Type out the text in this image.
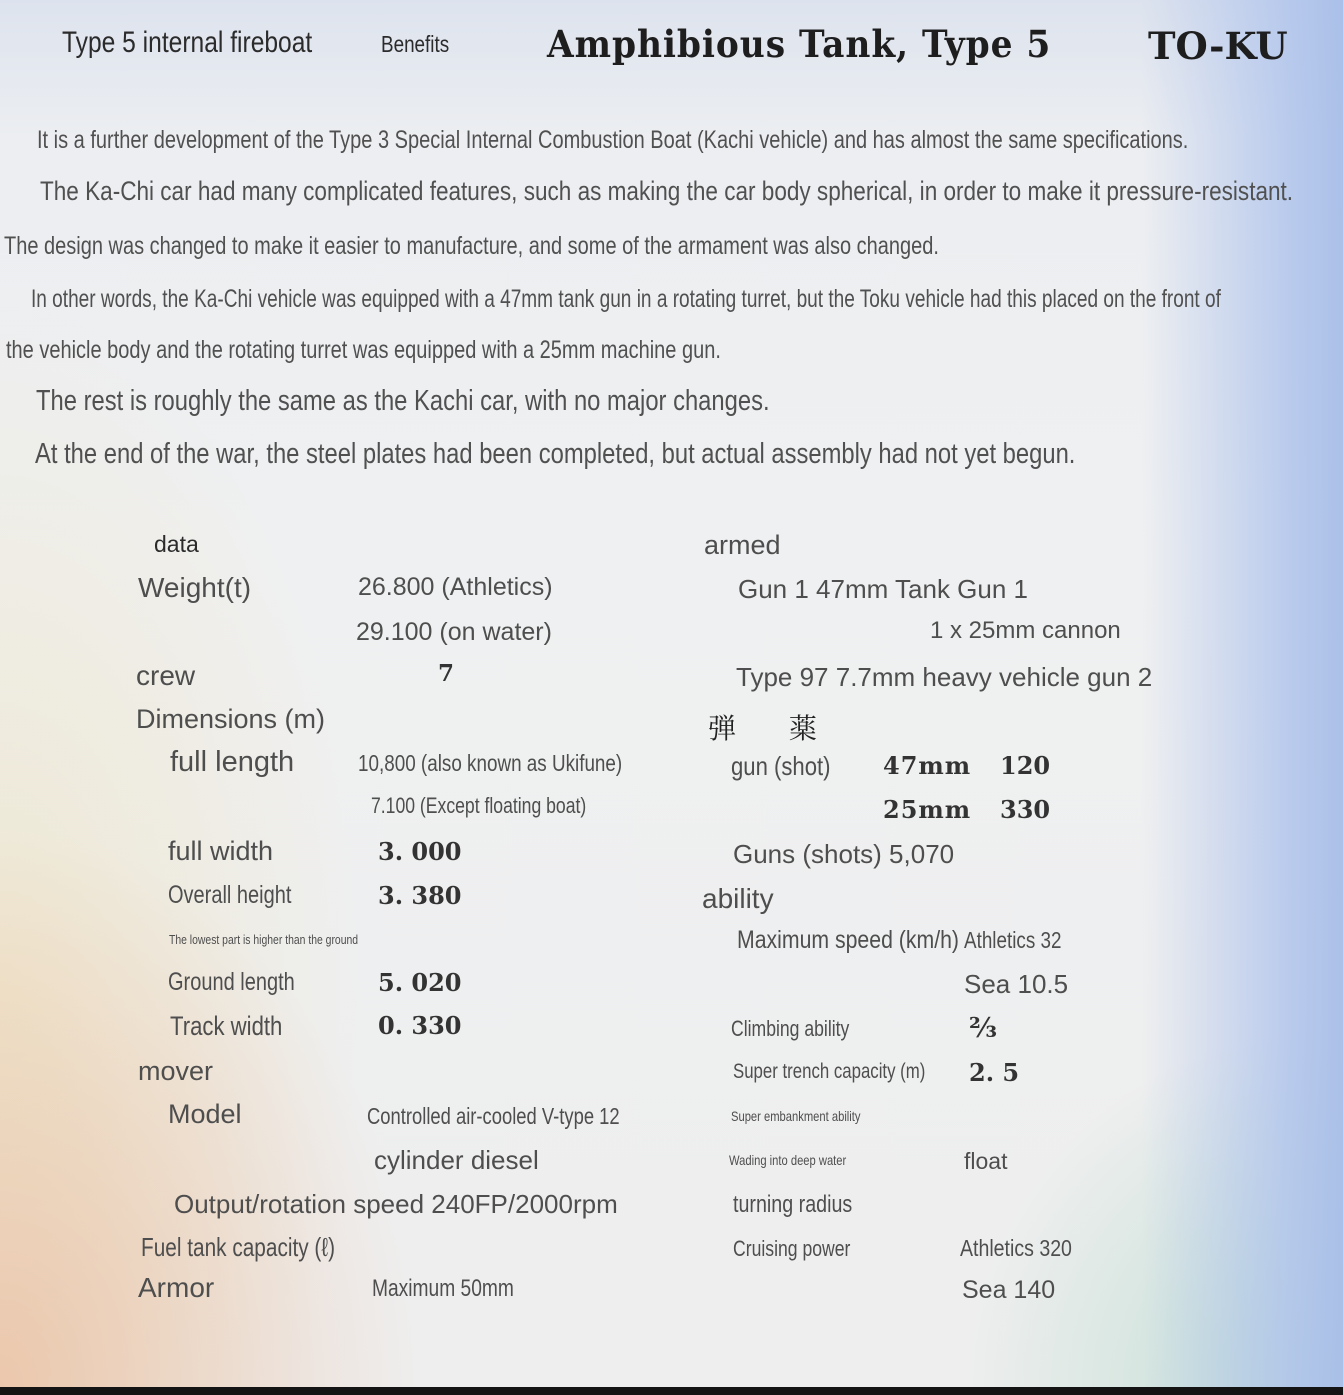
Type 5 internal fireboat	Benefits	Amphibious Tank, Type 5	TO-KU
It is a further development of the Type 3 Special Internal Combustion Boat (Kachi vehicle) and has almost the same specifications.
The Ka-Chi car had many complicated features, such as making the car body spherical, in order to make it pressure-resistant.
The design was changed to make it easier to manufacture, and some of the armament was also changed.
In other words, the Ka-Chi vehicle was equipped with a 47mm tank gun in a rotating turret, but the Toku vehicle had this placed on the front of
the vehicle body and the rotating turret was equipped with a 25mm machine gun.
The rest is roughly the same as the Kachi car, with no major changes.
At the end of the war, the steel plates had been completed, but actual assembly had not yet begun.
data
Weight(t)	26.800 (Athletics)
29.100 (on water)
crew	7
Dimensions (m)
full length	10,800 (also known as Ukifune)
7.100 (Except floating boat)
full width	3. 000
Overall height	3. 380
The lowest part is higher than the ground
Ground length	5. 020
Track width	0. 330
mover
Model	Controlled air-cooled V-type 12
cylinder diesel
Output/rotation speed 240FP/2000rpm
Fuel tank capacity (ℓ)
Armor	Maximum 50mm
armed
Gun 1 47mm Tank Gun 1
1 x 25mm cannon
Type 97 7.7mm heavy vehicle gun 2
弾 薬
gun (shot) 47mm 120
25mm 330
Guns (shots) 5,070
ability
Maximum speed (km/h) Athletics 32
Sea 10.5
Climbing ability	⅔
Super trench capacity (m) 2. 5
Super embankment ability
Wading into deep water	float
turning radius
Cruising power	Athletics 320
Sea 140
